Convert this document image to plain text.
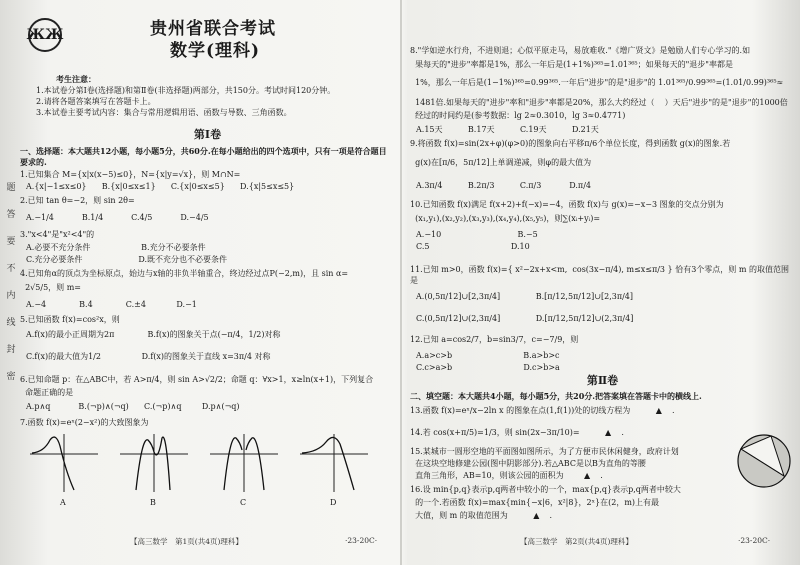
题
答
要
不
内
线
封
密
ЖЖ	贵州省联合考试
数学(理科)
考生注意：
1.本试卷分第Ⅰ卷(选择题)和第Ⅱ卷(非选择题)两部分，共150分。考试时间120分钟。
2.请将各题答案填写在答题卡上。
3.本试卷主要考试内容：集合与常用逻辑用语、函数与导数、三角函数。
第Ⅰ卷
一、选择题：本大题共12小题，每小题5分，共60分.在每小题给出的四个选项中，只有一项是符合题目要求的.
1.已知集合 M={x|x(x−5)≤0}，N={x|y=√x}，则 M∩N=
A.{x|−1≤x≤0}      B.{x|0≤x≤1}      C.{x|0≤x≤5}      D.{x|5≤x≤5}
2.已知 tan θ=−2，则 sin 2θ=
A.−1/4           B.1/4           C.4/5           D.−4/5
3."x<4"是"x²<4"的
A.必要不充分条件                    B.充分不必要条件
C.充分必要条件                      D.既不充分也不必要条件
4.已知角α的顶点为坐标原点，始边与x轴的非负半轴重合，终边经过点P(−2,m)，且 sin α=
2√5/5，则 m=
A.−4             B.4             C.±4            D.−1
5.已知函数 f(x)=cos²x，则
A.f(x)的最小正周期为2π             B.f(x)的图象关于点(−π/4，1/2)对称
C.f(x)的最大值为1/2                D.f(x)的图象关于直线 x=3π/4 对称
6.已知命题 p：在△ABC中，若 A>π/4，则 sin A>√2/2；命题 q：∀x>1，x≥ln(x+1)，下列复合
命题正确的是
A.p∧q           B.(¬p)∧(¬q)      C.(¬p)∧q        D.p∧(¬q)
7.函数 f(x)=eˣ(2−x²)的大致图象为
A	B	C	D
8."学如逆水行舟，不进则退；心似平原走马，易放难收."《增广贤文》是勉励人们专心学习的.如
果每天的"进步"率都是1%，那么一年后是(1+1%)³⁶⁵=1.01³⁶⁵；如果每天的"退步"率都是
1%，那么一年后是(1−1%)³⁶⁵=0.99³⁶⁵.一年后"进步"的是"退步"的 1.01³⁶⁵/0.99³⁶⁵=(1.01/0.99)³⁶⁵≈
1481倍.如果每天的"进步"率和"退步"率都是20%，那么大约经过（    ）天后"进步"的是"退步"的1000倍
经过的时间约是(参考数据：lg 2≈0.3010，lg 3≈0.4771)
A.15天          B.17天          C.19天          D.21天
9.将函数 f(x)=sin(2x+φ)(φ>0)的图象向右平移π/6个单位长度，得到函数 g(x)的图象.若
g(x)在[π/6，5π/12]上单调递减，则φ的最大值为
A.3π/4          B.2π/3          C.π/3           D.π/4
10.已知函数 f(x)满足 f(x+2)+f(−x)=−4，函数 f(x)与 g(x)=−x−3 图象的交点分别为
(x₁,y₁),(x₂,y₂),(x₃,y₃),(x₄,y₄),(x₅,y₅)，则∑(xᵢ+yᵢ)=
A.−10                              B.−5
C.5                                D.10
11.已知 m>0，函数 f(x)={ x²−2x+x<m,  cos(3x−π/4), m≤x≤π/3 } 恰有3个零点，则 m 的取值范围是
A.(0,5π/12]∪[2,3π/4]              B.[π/12,5π/12]∪[2,3π/4]
C.(0,5π/12]∪(2,3π/4]              D.[π/12,5π/12]∪(2,3π/4]
12.已知 a=cos2/7，b=sin3/7，c=−7/9，则
A.a>c>b                            B.a>b>c
C.c>a>b                            D.c>b>a
第Ⅱ卷
二、填空题：本大题共4小题，每小题5分，共20分.把答案填在答题卡中的横线上.
13.函数 f(x)=eˣ/x−2ln x 的图象在点(1,f(1))处的切线方程为          ▲    .
14.若 cos(x+π/5)=1/3，则 sin(2x−3π/10)=          ▲    .
15.某城市一圆形空地的平面图如图所示，为了方便市民休闲健身，政府计划
在这块空地修建公园(图中阴影部分).若△ABC是以B为直角的等腰
直角三角形，AB=10，则该公园的面积为        ▲    .
16.设 min{p,q}表示p,q两者中较小的一个，max{p,q}表示p,q两者中较大
的一个.若函数 f(x)=max{min{−x|6，x²|8}，2ˣ}在(2，m)上有最
大值，则 m 的取值范围为          ▲    .
【高三数学　第1页(共4页)理科】	·23-20C·	【高三数学　第2页(共4页)理科】	·23-20C·
